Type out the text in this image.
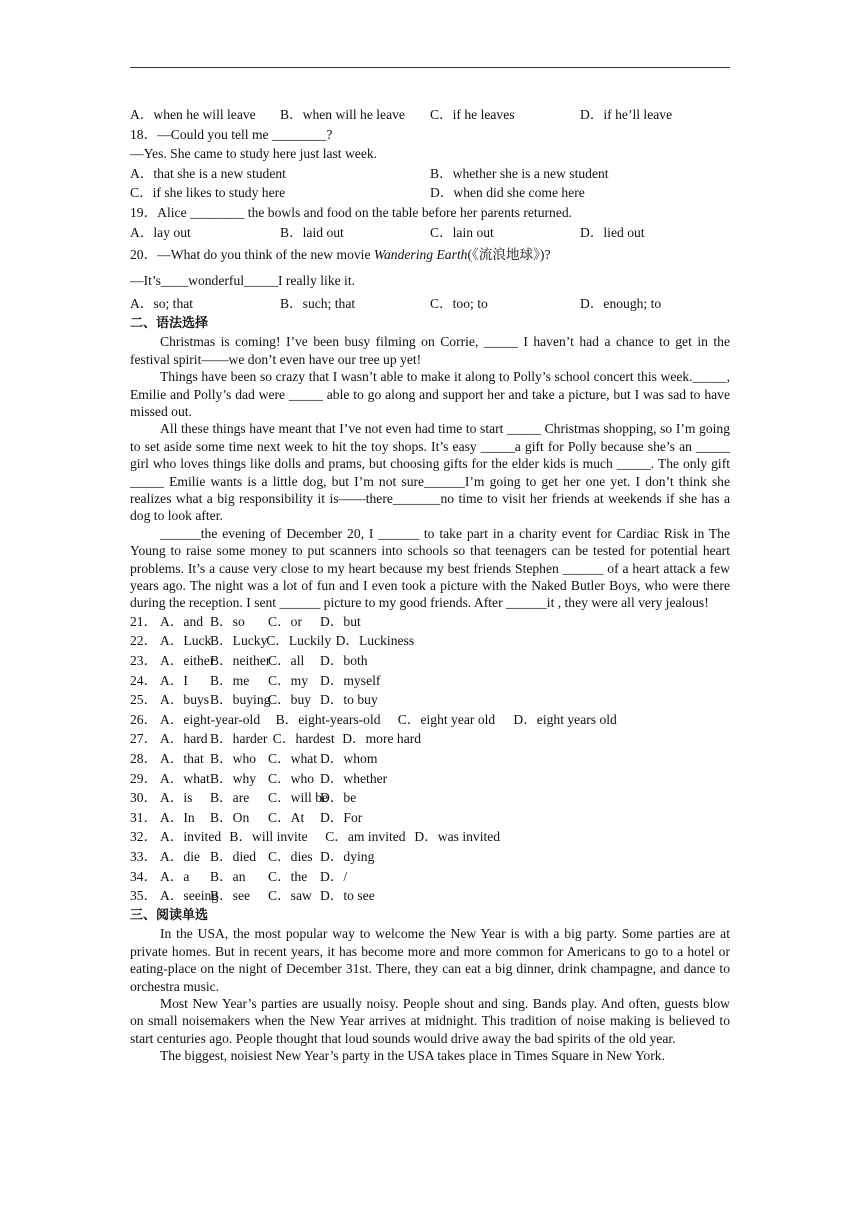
A．when he will leave B．when will he leave C．if he leaves	D．if he’ll leave
18．—Could you tell me ________?
—Yes. She came to study here just last week.
A．that she is a new student	B．whether she is a new student
C．if she likes to study here	D．when did she come here
19．Alice ________ the bowls and food on the table before her parents returned.
A．lay out	B．laid out	C．lain out	D．lied out
20．—What do you think of the new movie Wandering Earth(《流浪地球》)?
—It’s____wonderful_____I really like it.
A．so; that	B．such; that	C．too; to	D．enough; to
二、语法选择

Christmas is coming! I’ve been busy filming on Corrie, _____ I haven’t had a chance to get in the festival spirit——we don’t even have our tree up yet!

Things have been so crazy that I wasn’t able to make it along to Polly’s school concert this week._____, Emilie and Polly’s dad were _____ able to go along and support her and take a picture, but I was sad to have missed out.

All these things have meant that I’ve not even had time to start _____ Christmas shopping, so I’m going to set aside some time next week to hit the toy shops. It’s easy _____a gift for Polly because she’s an _____ girl who loves things like dolls and prams, but choosing gifts for the elder kids is much _____. The only gift _____ Emilie wants is a little dog, but I’m not sure______I’m going to get her one yet. I don’t think she realizes what a big responsibility it is——there_______no time to visit her friends at weekends if she has a dog to look after.

______the evening of December 20, I ______ to take part in a charity event for Cardiac Risk in The Young to raise some money to put scanners into schools so that teenagers can be tested for potential heart problems. It’s a cause very close to my heart because my best friends Stephen ______ of a heart attack a few years ago. The night was a lot of fun and I even took a picture with the Naked Butler Boys, who were there during the reception. I sent ______ picture to my good friends. After ______it , they were all very jealous!

21． A．and B．so C．or D．but
22． A．Luck
B．Lucky
C．Luckily D．Luckiness
23． A．either
B．neither
C．all D．both
24． A．I B．me C．my D．myself
25． A．buys B．buying
C．buy D．to buy
26． A．eight-year-old B．eight-years-old C．eight year old D．eight years old
27． A．hard B．harder C．hardest D．more hard
28． A．that B．who C．what D．whom
29． A．what B．why C．who D．whether
30． A．is B．are C．will be
D．be
31． A．In B．On C．At D．For
32． A．invited B．will invite C．am invited D．was invited
33． A．die B．died C．dies D．dying
34． A．a B．an C．the D．/
35． A．seeing
B．see C．saw D．to see
三、阅读单选

In the USA, the most popular way to welcome the New Year is with a big party. Some parties are at private homes. But in recent years, it has become more and more common for Americans to go to a hotel or eating-place on the night of December 31st. There, they can eat a big dinner, drink champagne, and dance to orchestra music.

Most New Year’s parties are usually noisy. People shout and sing. Bands play. And often, guests blow on small noisemakers when the New Year arrives at midnight. This tradition of noise making is believed to start centuries ago. People thought that loud sounds would drive away the bad spirits of the old year.

The biggest, noisiest New Year’s party in the USA takes place in Times Square in New York.
